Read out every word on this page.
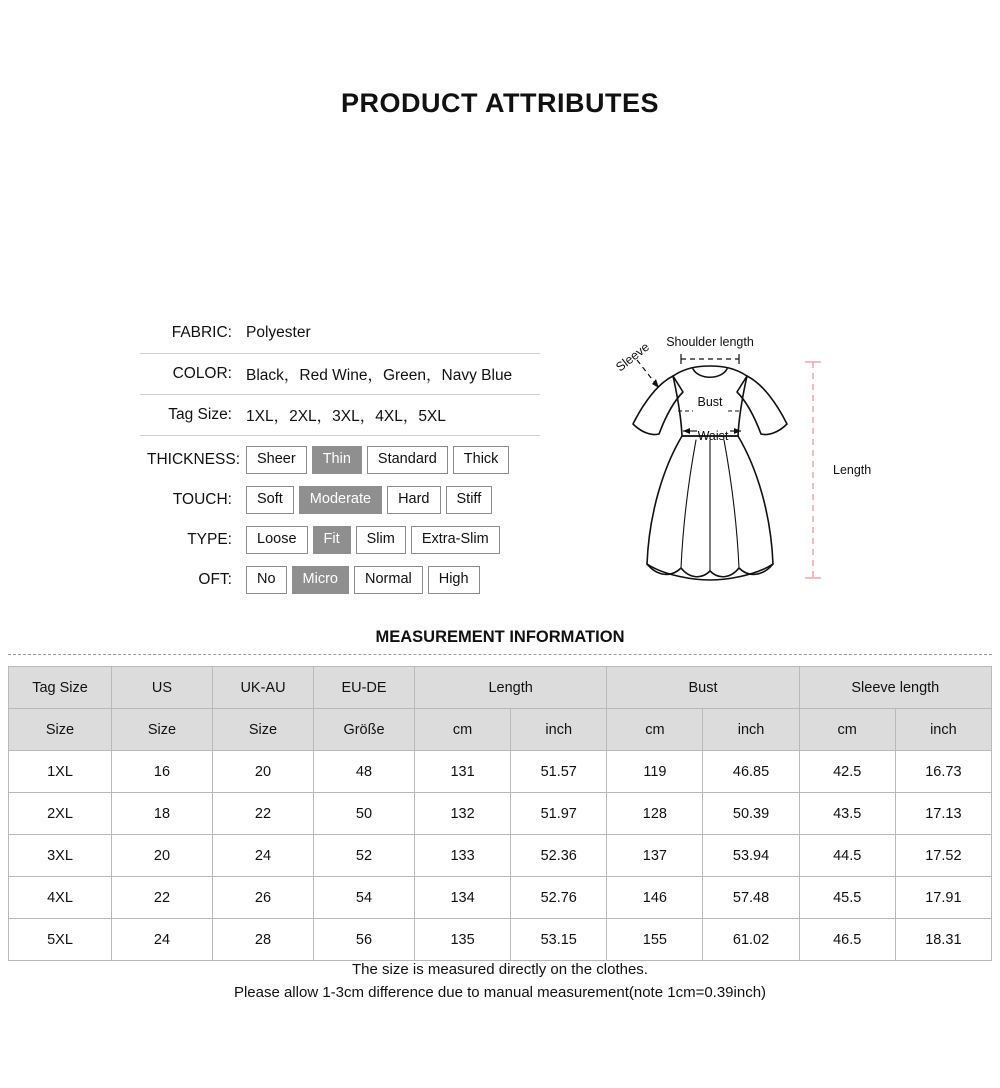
PRODUCT ATTRIBUTES
FABRIC: Polyester
COLOR: Black，Red Wine，Green，Navy Blue
Tag Size: 1XL，2XL，3XL，4XL，5XL
THICKNESS:	Sheer	Thin	Standard	Thick
TOUCH:	Soft	Moderate	Hard	Stiff
TYPE:	Loose	Fit	Slim	Extra-Slim
OFT:	No	Micro	Normal	High
Shoulder length
Sleeve
Bust
Waist
Length
MEASUREMENT INFORMATION
Tag Size	US	UK-AU	EU-DE	Length		Bust		Sleeve length	
Size	Size	Size	Größe	cm	inch	cm	inch	cm	inch
1XL	16	20	48	131	51.57	119	46.85	42.5	16.73
2XL	18	22	50	132	51.97	128	50.39	43.5	17.13
3XL	20	24	52	133	52.36	137	53.94	44.5	17.52
4XL	22	26	54	134	52.76	146	57.48	45.5	17.91
5XL	24	28	56	135	53.15	155	61.02	46.5	18.31
The size is measured directly on the clothes.
Please allow 1-3cm difference due to manual measurement(note 1cm=0.39inch)
